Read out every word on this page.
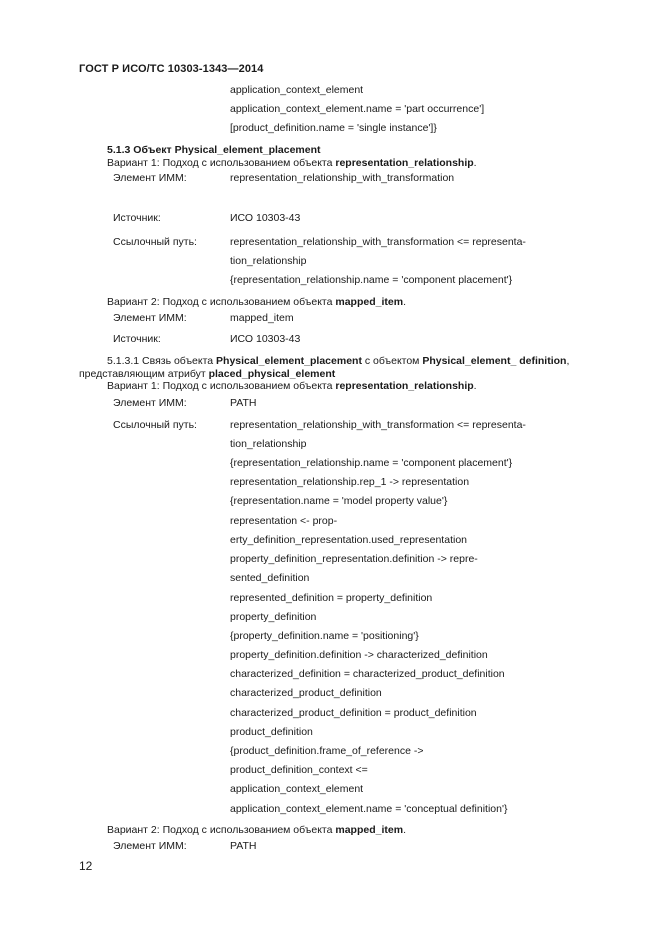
ГОСТ Р ИСО/ТС 10303-1343—2014
application_context_element
application_context_element.name = 'part occurrence']
[product_definition.name = 'single instance']}
5.1.3 Объект Physical_element_placement
Вариант 1: Подход с использованием объекта representation_relationship.
Элемент ИММ:	representation_relationship_with_transformation
Источник:	ИСО 10303-43
Ссылочный путь:	representation_relationship_with_transformation <= representa-
tion_relationship
{representation_relationship.name = 'component placement'}
Вариант 2: Подход с использованием объекта mapped_item.
Элемент ИММ:	mapped_item
Источник:	ИСО 10303-43
5.1.3.1 Связь объекта Physical_element_placement с объектом Physical_element_ definition,
представляющим атрибут placed_physical_element
Вариант 1: Подход с использованием объекта representation_relationship.
Элемент ИММ:	PATH
Ссылочный путь:	representation_relationship_with_transformation <= representa-
tion_relationship
{representation_relationship.name = 'component placement'}
representation_relationship.rep_1 -> representation
{representation.name = 'model property value'}
representation <- prop-
erty_definition_representation.used_representation
property_definition_representation.definition -> repre-
sented_definition
represented_definition = property_definition
property_definition
{property_definition.name = 'positioning'}
property_definition.definition -> characterized_definition
characterized_definition = characterized_product_definition
characterized_product_definition
characterized_product_definition = product_definition
product_definition
{product_definition.frame_of_reference ->
product_definition_context <=
application_context_element
application_context_element.name = 'conceptual definition'}
Вариант 2: Подход с использованием объекта mapped_item.
Элемент ИММ:	PATH
12
